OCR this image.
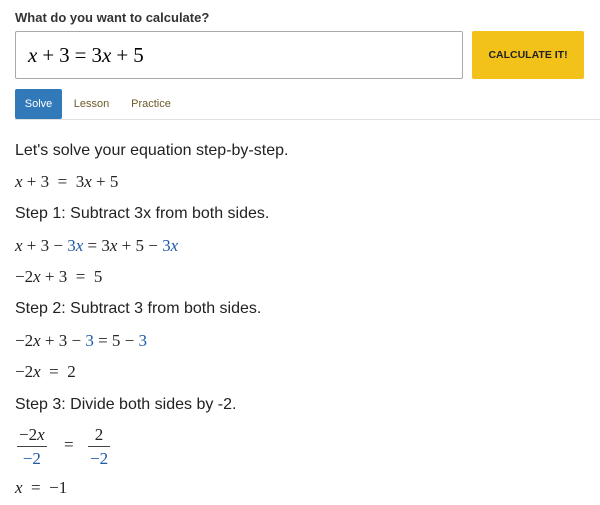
What do you want to calculate?
x + 3 = 3 x + 5	CALCULATE IT!
Solve	Lesson	Practice
Let's solve your equation step-by-step.
x + 3  =  3x + 5
Step 1: Subtract 3x from both sides.
x + 3 − 3x = 3x + 5 − 3x
−2x + 3  =  5
Step 2: Subtract 3 from both sides.
−2x + 3 − 3 = 5 − 3
−2x  =  2
Step 3: Divide both sides by -2.
−2x
−2
=
2
−2
x  =  −1
